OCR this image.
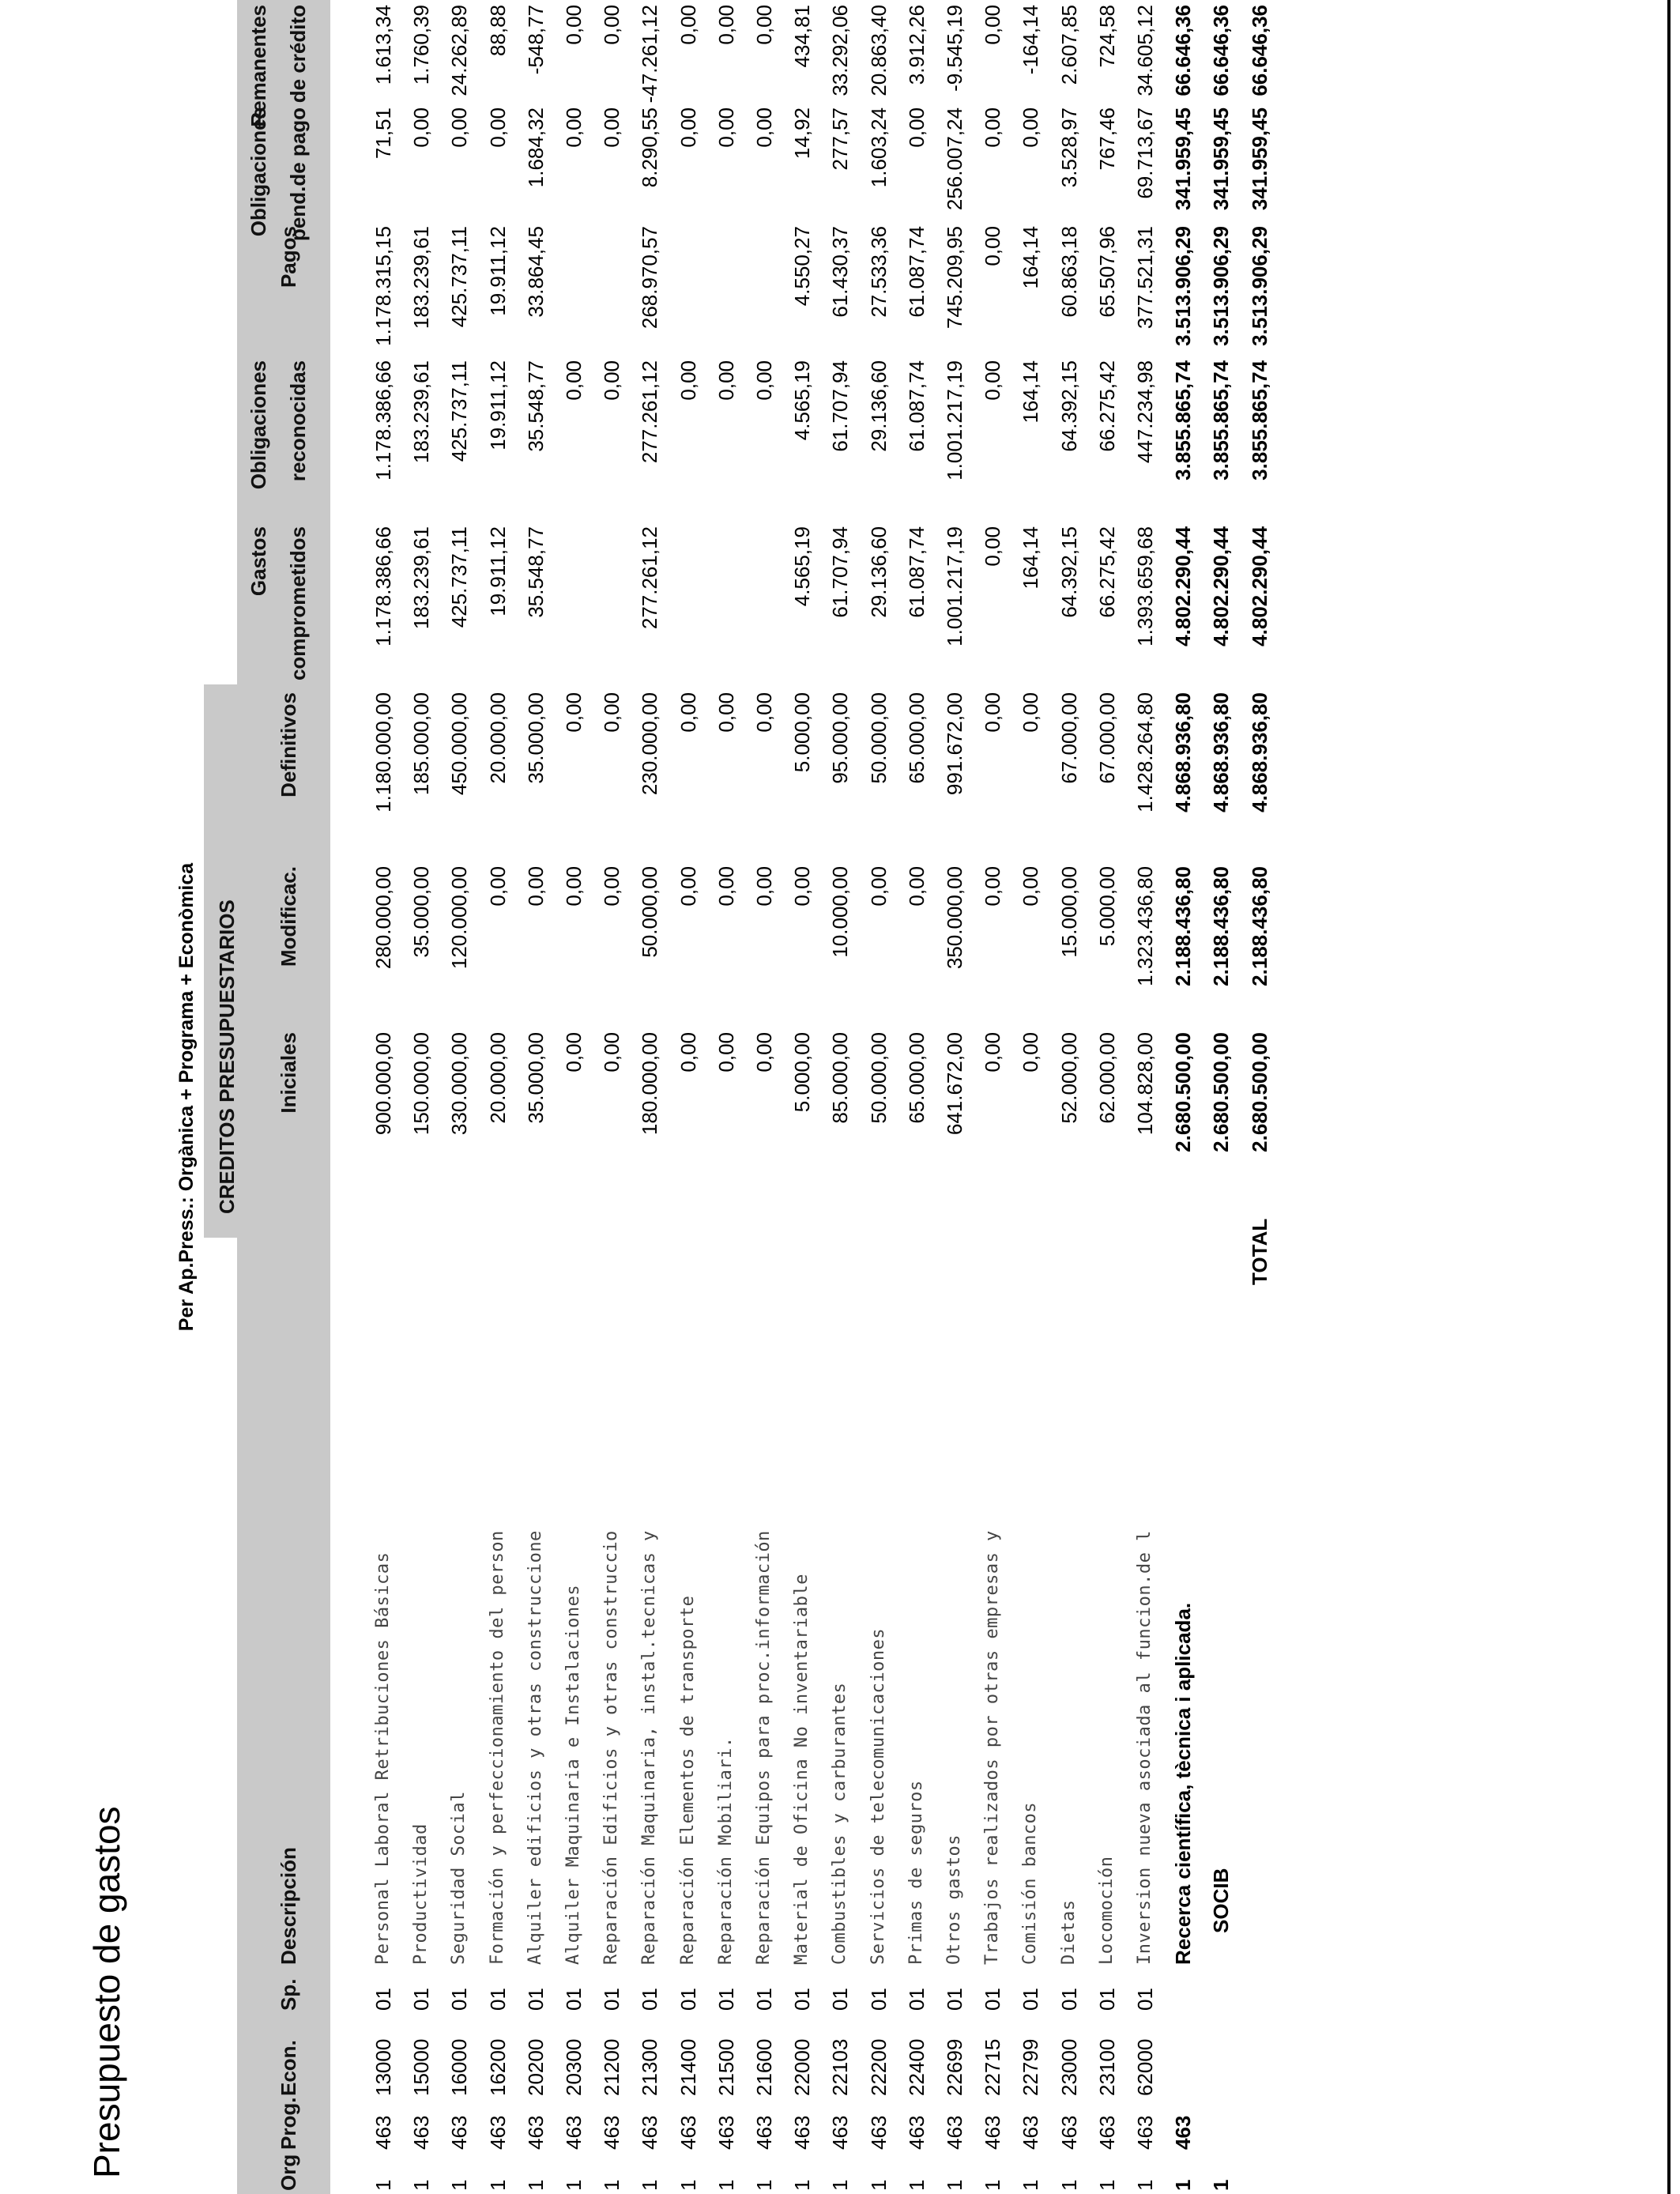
Presupuesto de gastos
Per Ap.Press.: Orgànica + Programa + Econòmica
Org
Prog.
Econ.
Sp.
Descripción
CREDITOS PRESUPUESTARIOS Iniciales
Modificac.
Definitivos
Gastos comprometidos
Obligaciones reconocidas
Pagos
Obligaciones pend.de pago
Remanentes de crédito
1
463
13000
01
Personal Laboral Retribuciones Básicas
900.000,00
280.000,00
1.180.000,00
1.178.386,66
1.178.386,66
1.178.315,15
71,51
1.613,34
1
463
15000
01
Productividad
150.000,00
35.000,00
185.000,00
183.239,61
183.239,61
183.239,61
0,00
1.760,39
1
463
16000
01
Seguridad Social
330.000,00
120.000,00
450.000,00
425.737,11
425.737,11
425.737,11
0,00
24.262,89
1
463
16200
01
Formación y perfeccionamiento del person
20.000,00
0,00
20.000,00
19.911,12
19.911,12
19.911,12
0,00
88,88
1
463
20200
01
Alquiler edificios y otras construccione
35.000,00
0,00
35.000,00
35.548,77
35.548,77
33.864,45
1.684,32
-548,77
1
463
20300
01
Alquiler Maquinaria e Instalaciones
0,00
0,00
0,00
0,00
0,00
0,00
1
463
21200
01
Reparación Edificios y otras construccio
0,00
0,00
0,00
0,00
0,00
0,00
1
463
21300
01
Reparación Maquinaria, instal.tecnicas y
180.000,00
50.000,00
230.000,00
277.261,12
277.261,12
268.970,57
8.290,55
-47.261,12
1
463
21400
01
Reparación Elementos de transporte
0,00
0,00
0,00
0,00
0,00
0,00
1
463
21500
01
Reparación Mobiliari.
0,00
0,00
0,00
0,00
0,00
0,00
1
463
21600
01
Reparación Equipos para proc.información
0,00
0,00
0,00
0,00
0,00
0,00
1
463
22000
01
Material de Oficina No inventariable
5.000,00
0,00
5.000,00
4.565,19
4.565,19
4.550,27
14,92
434,81
1
463
22103
01
Combustibles y carburantes
85.000,00
10.000,00
95.000,00
61.707,94
61.707,94
61.430,37
277,57
33.292,06
1
463
22200
01
Servicios de telecomunicaciones
50.000,00
0,00
50.000,00
29.136,60
29.136,60
27.533,36
1.603,24
20.863,40
1
463
22400
01
Primas de seguros
65.000,00
0,00
65.000,00
61.087,74
61.087,74
61.087,74
0,00
3.912,26
1
463
22699
01
Otros gastos
641.672,00
350.000,00
991.672,00
1.001.217,19
1.001.217,19
745.209,95
256.007,24
-9.545,19
1
463
22715
01
Trabajos realizados por otras empresas y
0,00
0,00
0,00
0,00
0,00
0,00
0,00
0,00
1
463
22799
01
Comisión bancos
0,00
0,00
0,00
164,14
164,14
164,14
0,00
-164,14
1
463
23000
01
Dietas
52.000,00
15.000,00
67.000,00
64.392,15
64.392,15
60.863,18
3.528,97
2.607,85
1
463
23100
01
Locomoción
62.000,00
5.000,00
67.000,00
66.275,42
66.275,42
65.507,96
767,46
724,58
1
463
62000
01
Inversion nueva asociada al funcion.de l
104.828,00
1.323.436,80
1.428.264,80
1.393.659,68
447.234,98
377.521,31
69.713,67
34.605,12
1
463
Recerca científica, tècnica i aplicada.
2.680.500,00
2.188.436,80
4.868.936,80
4.802.290,44
3.855.865,74
3.513.906,29
341.959,45
66.646,36
1
SOCIB
2.680.500,00
2.188.436,80
4.868.936,80
4.802.290,44
3.855.865,74
3.513.906,29
341.959,45
66.646,36
TOTAL
2.680.500,00
2.188.436,80
4.868.936,80
4.802.290,44
3.855.865,74
3.513.906,29
341.959,45
66.646,36
